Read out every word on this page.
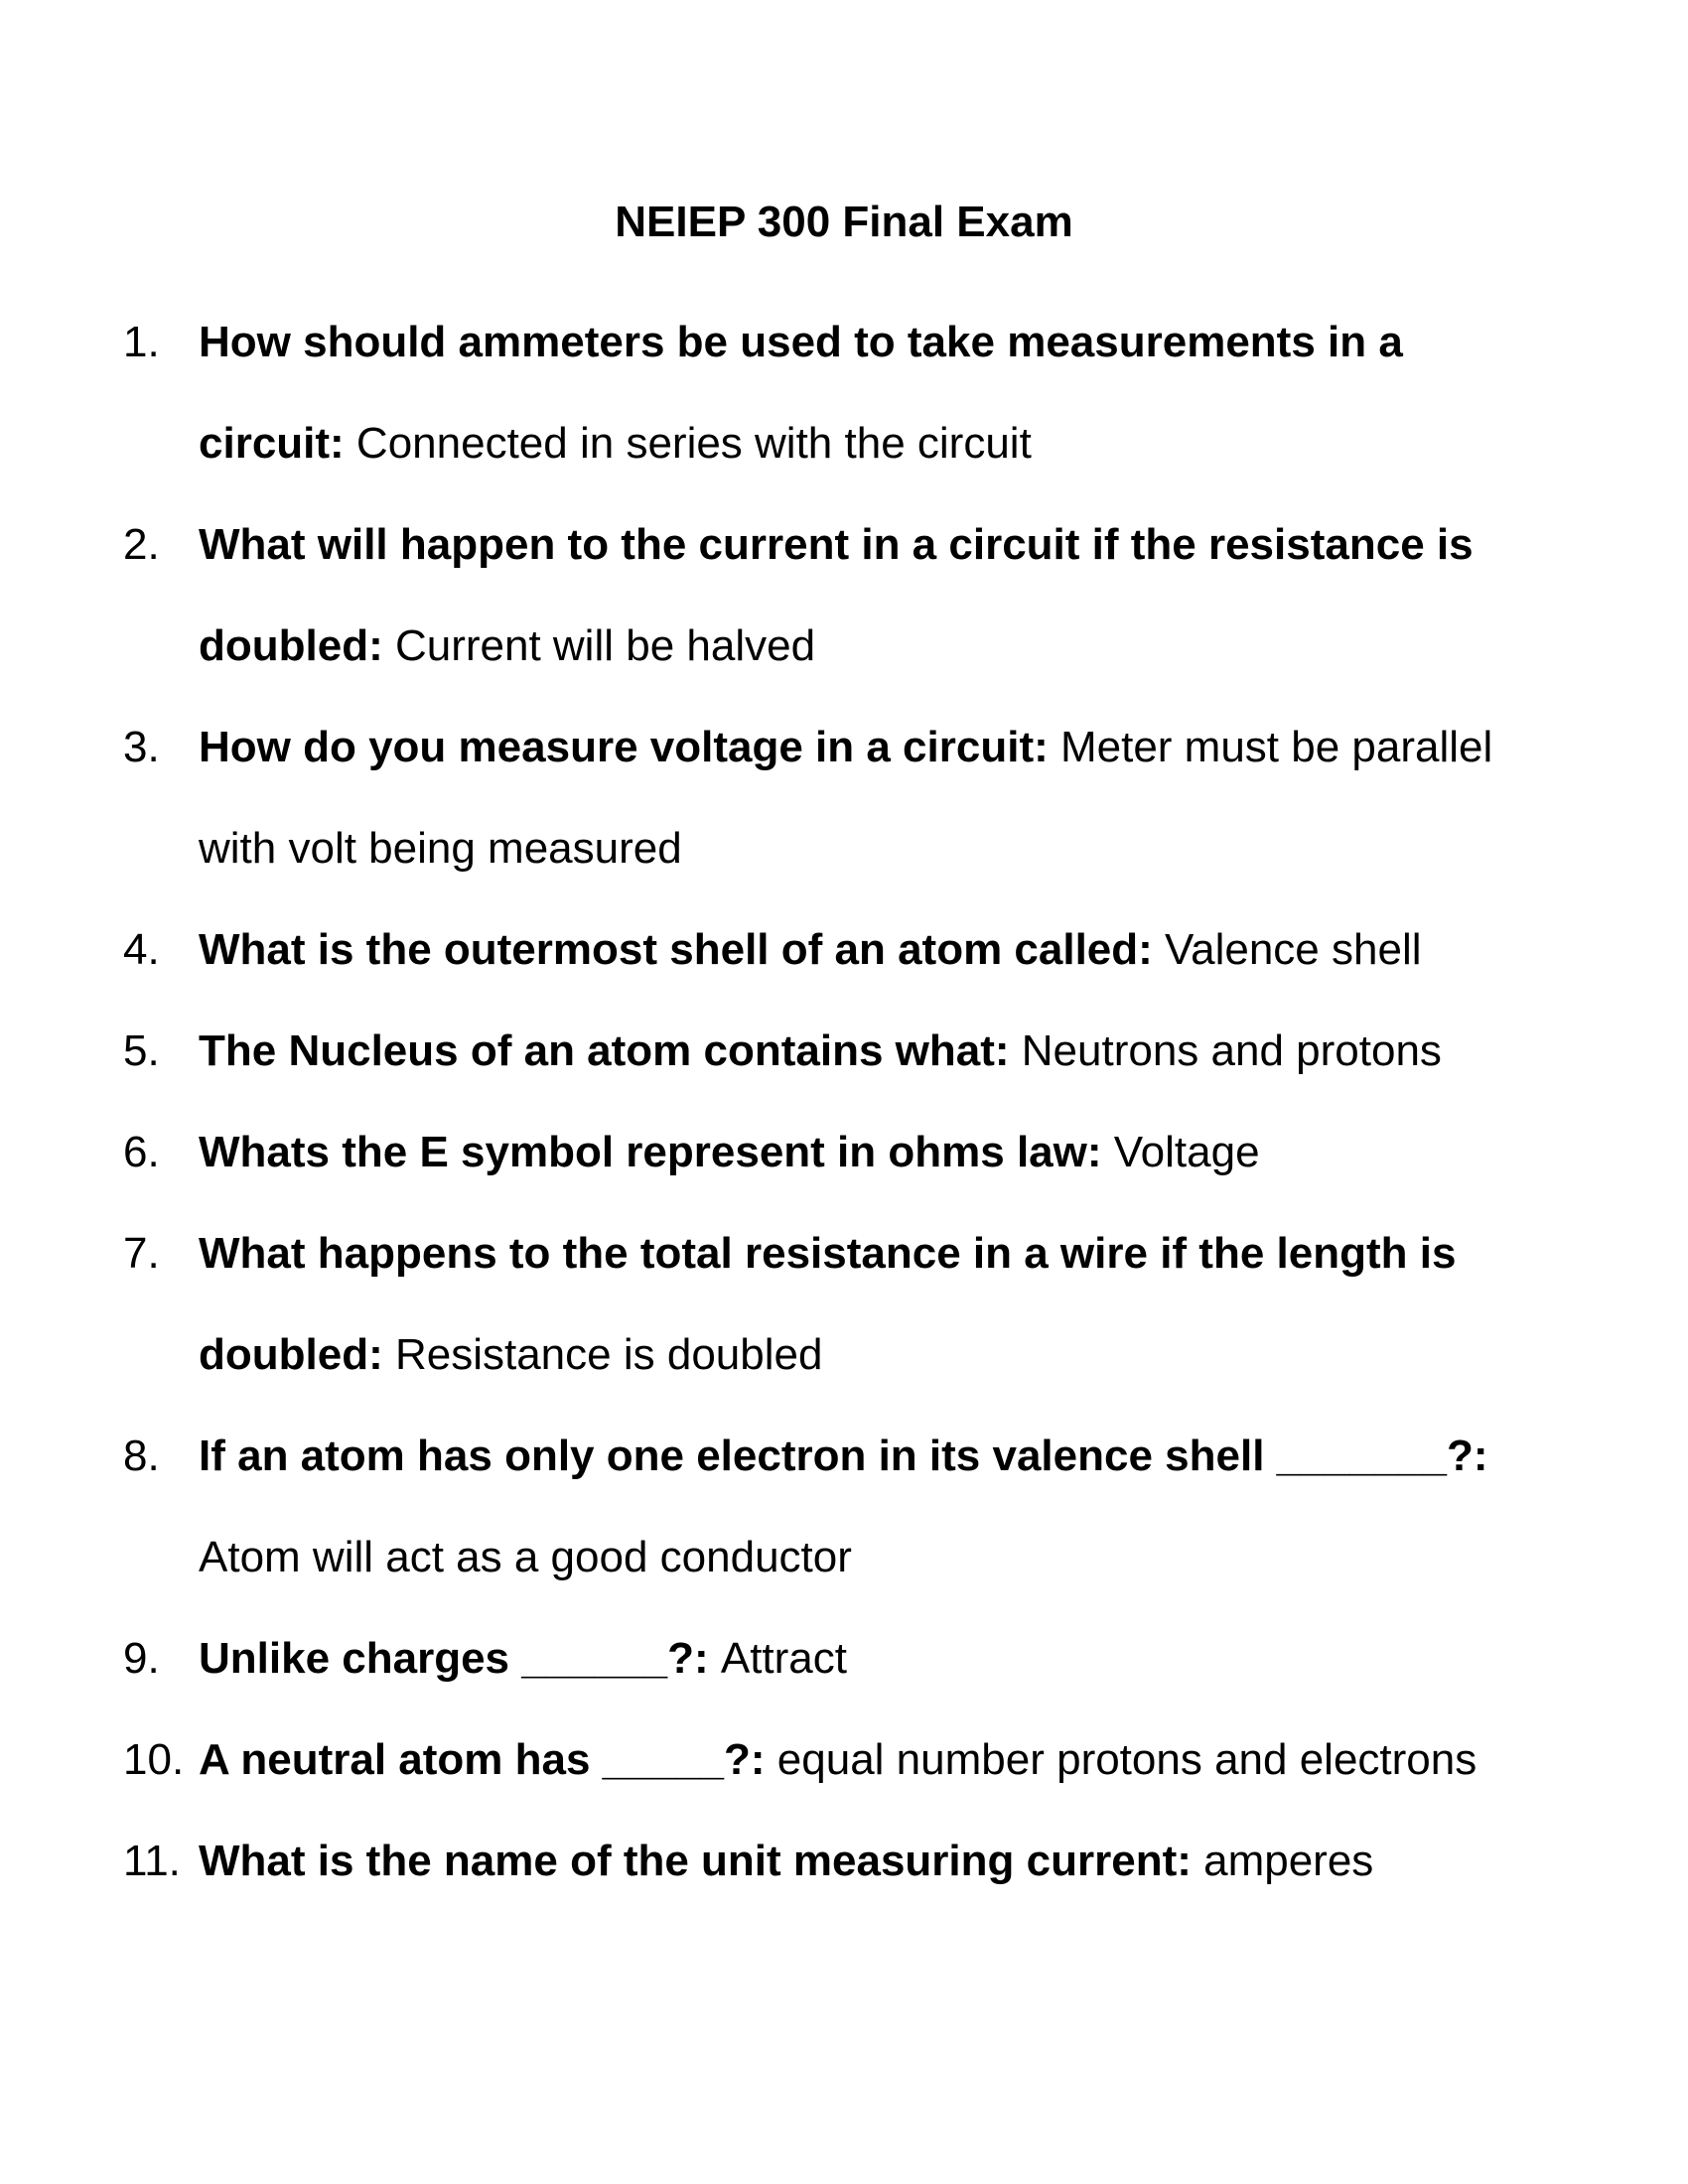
NEIEP 300 Final Exam
1. How should ammeters be used to take measurements in a circuit: Connected in series with the circuit
2. What will happen to the current in a circuit if the resistance is doubled: Current will be halved
3. How do you measure voltage in a circuit: Meter must be parallel with volt being measured
4. What is the outermost shell of an atom called: Valence shell
5. The Nucleus of an atom contains what: Neutrons and protons
6. Whats the E symbol represent in ohms law: Voltage
7. What happens to the total resistance in a wire if the length is doubled: Resistance is doubled
8. If an atom has only one electron in its valence shell _______?: Atom will act as a good conductor
9. Unlike charges ______?: Attract
10. A neutral atom has _____?: equal number protons and electrons
11. What is the name of the unit measuring current: amperes
